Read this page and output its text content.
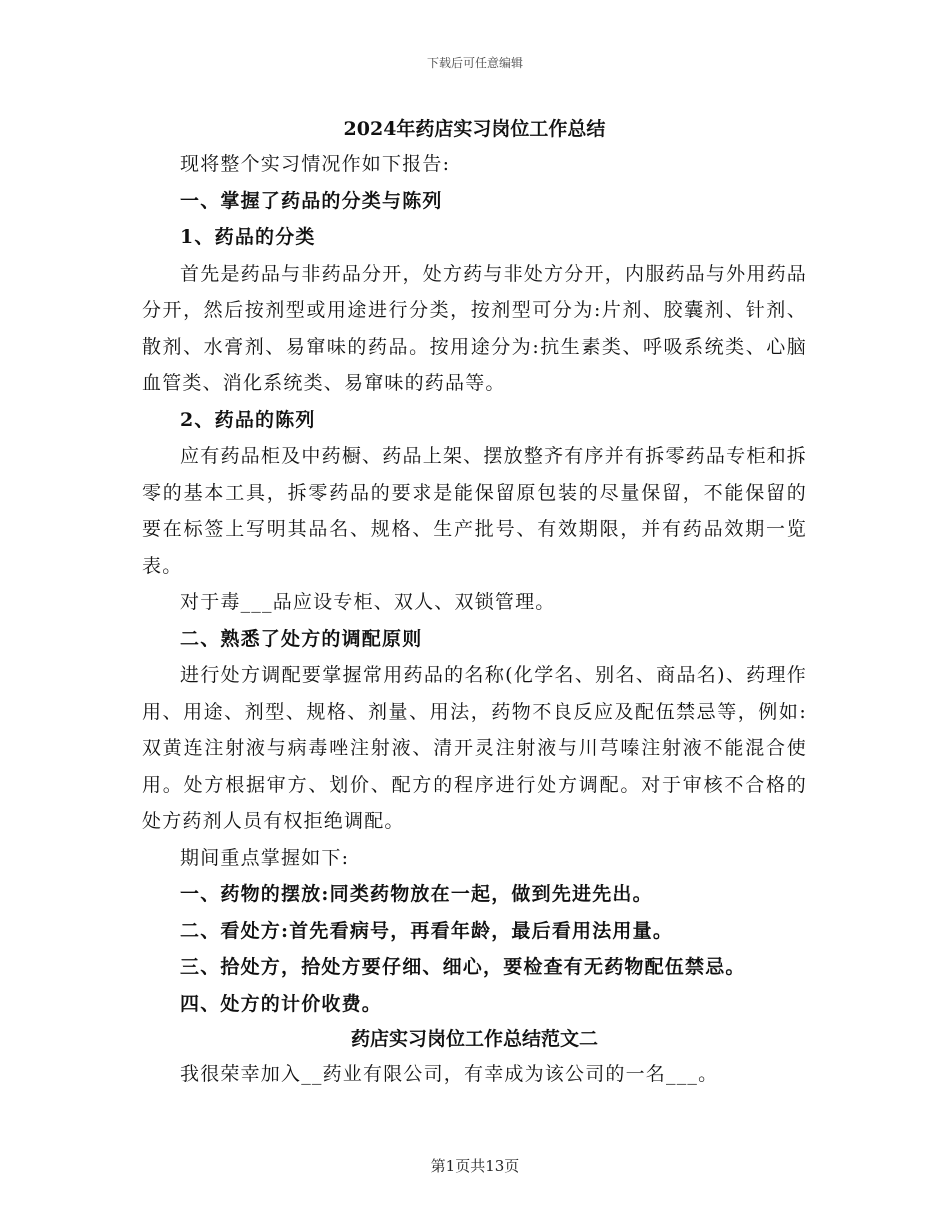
下载后可任意编辑
2024年药店实习岗位工作总结

现将整个实习情况作如下报告:

一、掌握了药品的分类与陈列

1、药品的分类

首先是药品与非药品分开，处方药与非处方分开，内服药品与外用药品分开，然后按剂型或用途进行分类，按剂型可分为:片剂、胶囊剂、针剂、散剂、水膏剂、易窜味的药品。按用途分为:抗生素类、呼吸系统类、心脑血管类、消化系统类、易窜味的药品等。

2、药品的陈列

应有药品柜及中药橱、药品上架、摆放整齐有序并有拆零药品专柜和拆零的基本工具，拆零药品的要求是能保留原包装的尽量保留，不能保留的要在标签上写明其品名、规格、生产批号、有效期限，并有药品效期一览表。

对于毒___品应设专柜、双人、双锁管理。

二、熟悉了处方的调配原则

进行处方调配要掌握常用药品的名称(化学名、别名、商品名)、药理作用、用途、剂型、规格、剂量、用法，药物不良反应及配伍禁忌等，例如:双黄连注射液与病毒唑注射液、清开灵注射液与川芎嗪注射液不能混合使用。处方根据审方、划价、配方的程序进行处方调配。对于审核不合格的处方药剂人员有权拒绝调配。

期间重点掌握如下:

一、药物的摆放:同类药物放在一起，做到先进先出。

二、看处方:首先看病号，再看年龄，最后看用法用量。

三、拾处方，拾处方要仔细、细心，要检查有无药物配伍禁忌。

四、处方的计价收费。

药店实习岗位工作总结范文二

我很荣幸加入__药业有限公司，有幸成为该公司的一名___。

第1页共13页
